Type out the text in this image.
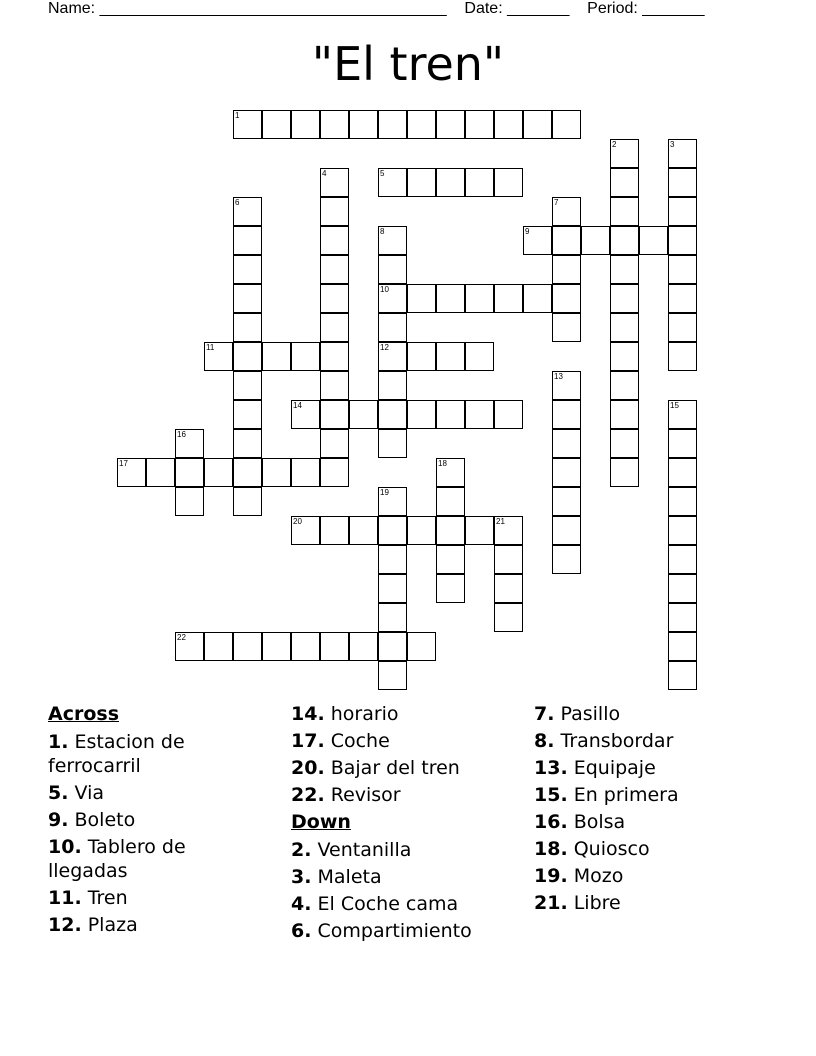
Name: _______________________________________    Date: _______    Period: _______
"El tren"
1
2	3
4	5
6	7
8
10
12
9
11
13
14	15
16
17	18
19
20	21
22
Across
1. Estacion de ferrocarril
5. Via
9. Boleto
10. Tablero de llegadas
11. Tren
12. Plaza
14. horario
17. Coche
20. Bajar del tren
22. Revisor
Down
2. Ventanilla
3. Maleta
4. El Coche cama
6. Compartimiento
7. Pasillo
8. Transbordar
13. Equipaje
15. En primera
16. Bolsa
18. Quiosco
19. Mozo
21. Libre
